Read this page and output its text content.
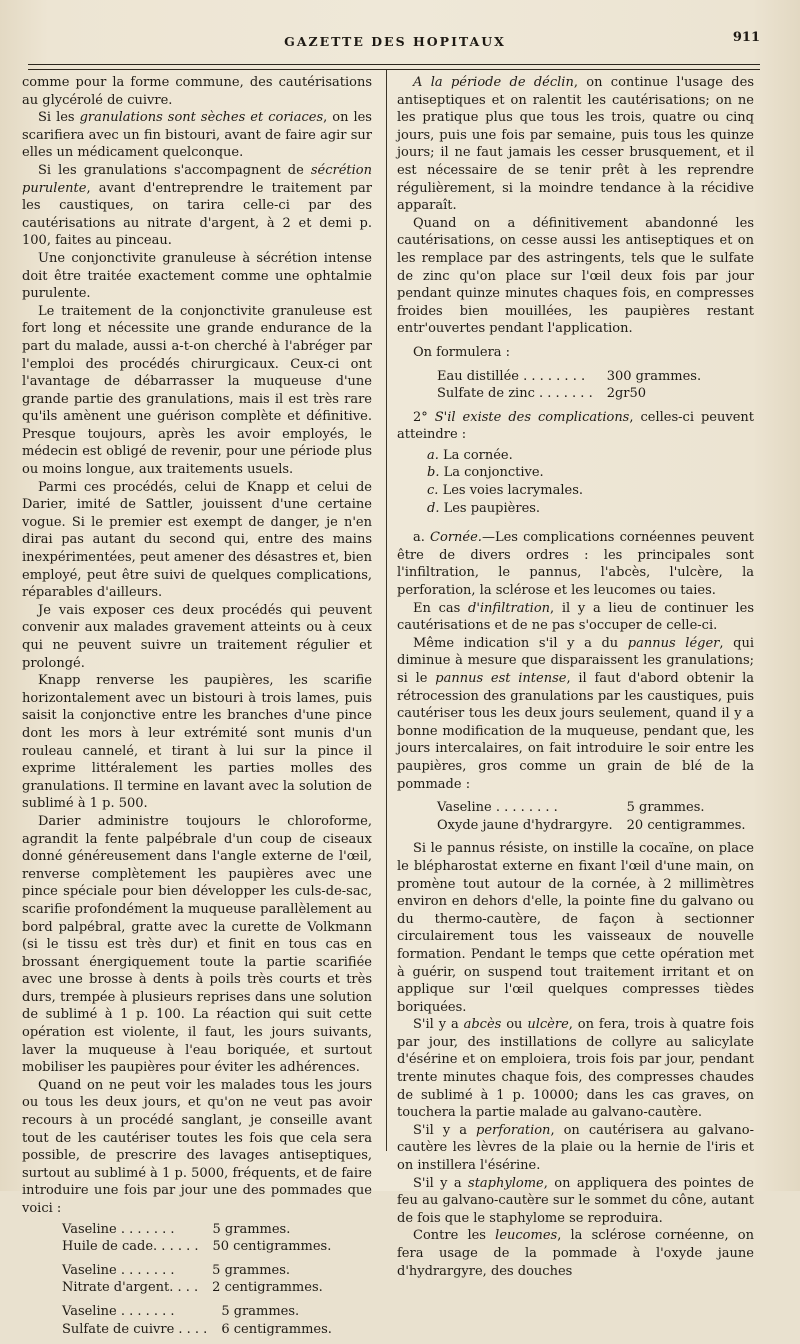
GAZETTE DES HOPITAUX	911

comme pour la forme commune, des cautérisations au glycérolé de cuivre.

Si les granulations sont sèches et coriaces, on les scarifiera avec un fin bistouri, avant de faire agir sur elles un médicament quelconque.

Si les granulations s'accompagnent de sécrétion purulente, avant d'entreprendre le traitement par les caustiques, on tarira celle-ci par des cautérisations au nitrate d'argent, à 2 et demi p. 100, faites au pinceau.

Une conjonctivite granuleuse à sécrétion intense doit être traitée exactement comme une ophtalmie purulente.

Le traitement de la conjonctivite granuleuse est fort long et nécessite une grande endurance de la part du malade, aussi a-t-on cherché à l'abréger par l'emploi des procédés chirurgicaux. Ceux-ci ont l'avantage de débarrasser la muqueuse d'une grande partie des granulations, mais il est très rare qu'ils amènent une guérison complète et définitive. Presque toujours, après les avoir employés, le médecin est obligé de revenir, pour une période plus ou moins longue, aux traitements usuels.

Parmi ces procédés, celui de Knapp et celui de Darier, imité de Sattler, jouissent d'une certaine vogue. Si le premier est exempt de danger, je n'en dirai pas autant du second qui, entre des mains inexpérimentées, peut amener des désastres et, bien employé, peut être suivi de quelques complications, réparables d'ailleurs.

Je vais exposer ces deux procédés qui peuvent convenir aux malades gravement atteints ou à ceux qui ne peuvent suivre un traitement régulier et prolongé.

Knapp renverse les paupières, les scarifie horizontalement avec un bistouri à trois lames, puis saisit la conjonctive entre les branches d'une pince dont les mors à leur extrémité sont munis d'un rouleau cannelé, et tirant à lui sur la pince il exprime littéralement les parties molles des granulations. Il termine en lavant avec la solution de sublimé à 1 p. 500.

Darier administre toujours le chloroforme, agrandit la fente palpébrale d'un coup de ciseaux donné généreusement dans l'angle externe de l'œil, renverse complètement les paupières avec une pince spéciale pour bien développer les culs-de-sac, scarifie profondément la muqueuse parallèlement au bord palpébral, gratte avec la curette de Volkmann (si le tissu est très dur) et finit en tous cas en brossant énergiquement toute la partie scarifiée avec une brosse à dents à poils très courts et très durs, trempée à plusieurs reprises dans une solution de sublimé à 1 p. 100. La réaction qui suit cette opération est violente, il faut, les jours suivants, laver la muqueuse à l'eau boriquée, et surtout mobiliser les paupières pour éviter les adhérences.

Quand on ne peut voir les malades tous les jours ou tous les deux jours, et qu'on ne veut pas avoir recours à un procédé sanglant, je conseille avant tout de les cautériser toutes les fois que cela sera possible, de prescrire des lavages antiseptiques, surtout au sublimé à 1 p. 5000, fréquents, et de faire introduire une fois par jour une des pommades que voici :

Vaseline . . . . . . .	5 grammes.
Huile de cade. . . . . . 50 centigrammes.
Vaseline . . . . . . .	5 grammes.
Nitrate d'argent. . . . 2 centigrammes.
Vaseline . . . . . . .	5 grammes.
Sulfate de cuivre . . . . 6 centigrammes.

A la période de déclin, on continue l'usage des antiseptiques et on ralentit les cautérisations; on ne les pratique plus que tous les trois, quatre ou cinq jours, puis une fois par semaine, puis tous les quinze jours; il ne faut jamais les cesser brusquement, et il est nécessaire de se tenir prêt à les reprendre régulièrement, si la moindre tendance à la récidive apparaît.

Quand on a définitivement abandonné les cautérisations, on cesse aussi les antiseptiques et on les remplace par des astringents, tels que le sulfate de zinc qu'on place sur l'œil deux fois par jour pendant quinze minutes chaques fois, en compresses froides bien mouillées, les paupières restant entr'ouvertes pendant l'application.

On formulera :

Eau distillée . . . . . . . .	300 grammes.
Sulfate de zinc . . . . . . . 2gr50

2° S'il existe des complications, celles-ci peuvent atteindre :

a. La cornée.
b. La conjonctive.
c. Les voies lacrymales.
d. Les paupières.

a. Cornée.—Les complications cornéennes peuvent être de divers ordres : les principales sont l'infiltration, le pannus, l'abcès, l'ulcère, la perforation, la sclérose et les leucomes ou taies.

En cas d'infiltration, il y a lieu de continuer les cautérisations et de ne pas s'occuper de celle-ci.

Même indication s'il y a du pannus léger, qui diminue à mesure que disparaissent les granulations; si le pannus est intense, il faut d'abord obtenir la rétrocession des granulations par les caustiques, puis cautériser tous les deux jours seulement, quand il y a bonne modification de la muqueuse, pendant que, les jours intercalaires, on fait introduire le soir entre les paupières, gros comme un grain de blé de la pommade :

Vaseline . . . . . . . .	5 grammes.
Oxyde jaune d'hydrargyre. 20 centigrammes.

Si le pannus résiste, on instille la cocaïne, on place le blépharostat externe en fixant l'œil d'une main, on promène tout autour de la cornée, à 2 millimètres environ en dehors d'elle, la pointe fine du galvano ou du thermo-cautère, de façon à sectionner circulairement tous les vaisseaux de nouvelle formation. Pendant le temps que cette opération met à guérir, on suspend tout traitement irritant et on applique sur l'œil quelques compresses tièdes boriquées.

S'il y a abcès ou ulcère, on fera, trois à quatre fois par jour, des instillations de collyre au salicylate d'ésérine et on emploiera, trois fois par jour, pendant trente minutes chaque fois, des compresses chaudes de sublimé à 1 p. 10000; dans les cas graves, on touchera la partie malade au galvano-cautère.

S'il y a perforation, on cautérisera au galvano-cautère les lèvres de la plaie ou la hernie de l'iris et on instillera l'ésérine.

S'il y a staphylome, on appliquera des pointes de feu au galvano-cautère sur le sommet du cône, autant de fois que le staphylome se reproduira.

Contre les leucomes, la sclérose cornéenne, on fera usage de la pommade à l'oxyde jaune d'hydrargyre, des douches
